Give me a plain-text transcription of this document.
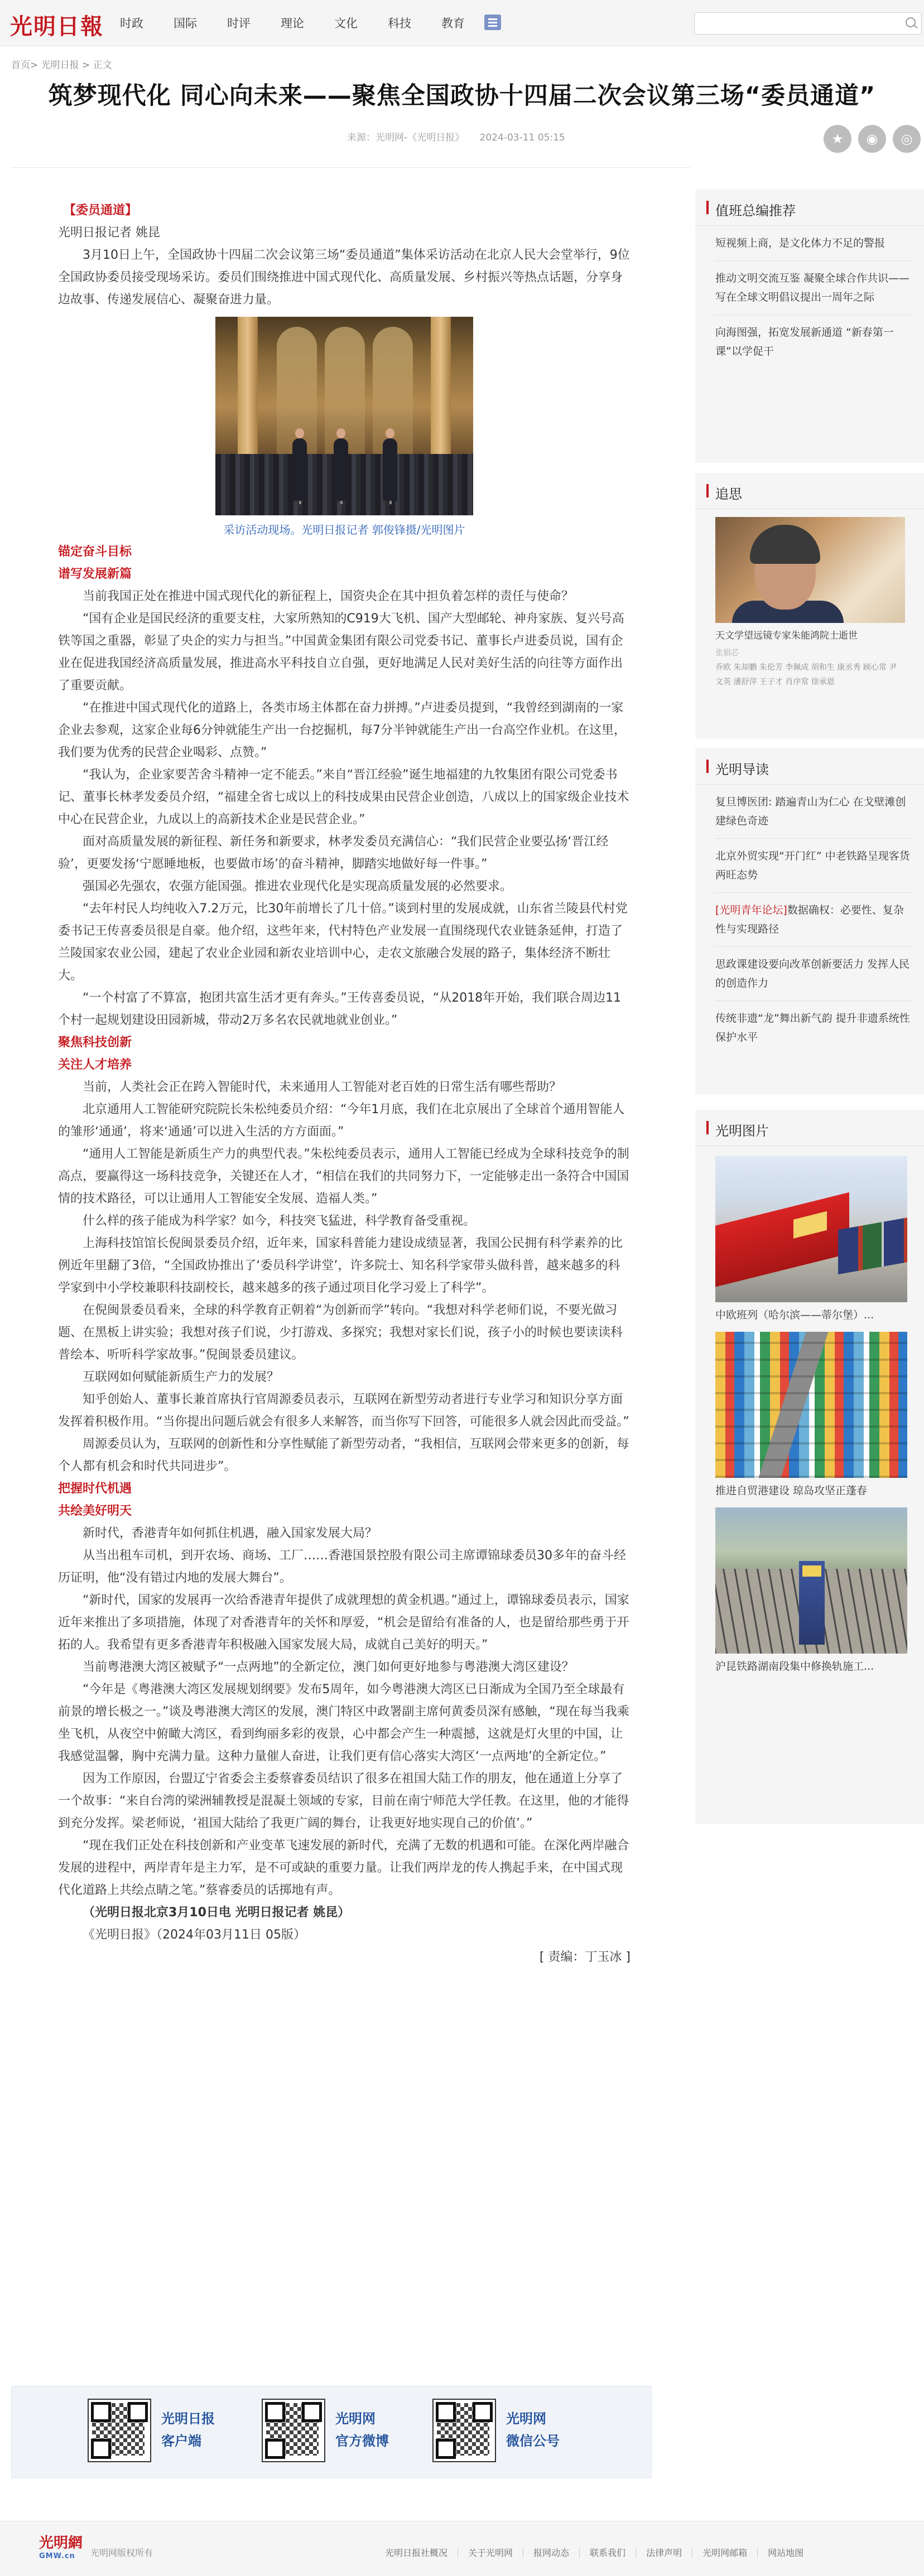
光明日報 时政	国际	时评	理论	文化	科技	教育
首页> 光明日报 > 正文
筑梦现代化 同心向未来——聚焦全国政协十四届二次会议第三场“委员通道”
来源：光明网-《光明日报》 2024-03-11 05:15	★	◉	◎

【委员通道】

光明日报记者 姚昆

3月10日上午，全国政协十四届二次会议第三场“委员通道”集体采访活动在北京人民大会堂举行，9位全国政协委员接受现场采访。委员们围绕推进中国式现代化、高质量发展、乡村振兴等热点话题，分享身边故事、传递发展信心、凝聚奋进力量。

采访活动现场。光明日报记者 郭俊锋摄/光明图片

锚定奋斗目标

谱写发展新篇

当前我国正处在推进中国式现代化的新征程上，国资央企在其中担负着怎样的责任与使命？

“国有企业是国民经济的重要支柱，大家所熟知的C919大飞机、国产大型邮轮、神舟家族、复兴号高铁等国之重器，彰显了央企的实力与担当。”中国黄金集团有限公司党委书记、董事长卢进委员说，国有企业在促进我国经济高质量发展，推进高水平科技自立自强，更好地满足人民对美好生活的向往等方面作出了重要贡献。

“在推进中国式现代化的道路上，各类市场主体都在奋力拼搏。”卢进委员提到，“我曾经到湖南的一家企业去参观，这家企业每6分钟就能生产出一台挖掘机，每7分半钟就能生产出一台高空作业机。在这里，我们要为优秀的民营企业喝彩、点赞。”

“我认为，企业家要苦舍斗精神一定不能丢。”来自“晋江经验”诞生地福建的九牧集团有限公司党委书记、董事长林孝发委员介绍，“福建全省七成以上的科技成果由民营企业创造，八成以上的国家级企业技术中心在民营企业，九成以上的高新技术企业是民营企业。”

面对高质量发展的新征程、新任务和新要求，林孝发委员充满信心：“我们民营企业要弘扬‘晋江经验’，更要发扬‘宁愿睡地板，也要做市场’的奋斗精神，脚踏实地做好每一件事。”

强国必先强农，农强方能国强。推进农业现代化是实现高质量发展的必然要求。

“去年村民人均纯收入7.2万元，比30年前增长了几十倍。”谈到村里的发展成就，山东省兰陵县代村党委书记王传喜委员很是自豪。他介绍，这些年来，代村特色产业发展一直围绕现代农业链条延伸，打造了兰陵国家农业公园，建起了农业企业园和新农业培训中心，走农文旅融合发展的路子，集体经济不断壮大。

“一个村富了不算富，抱团共富生活才更有奔头。”王传喜委员说，“从2018年开始，我们联合周边11个村一起规划建设田园新城，带动2万多名农民就地就业创业。”

聚焦科技创新

关注人才培养

当前，人类社会正在跨入智能时代，未来通用人工智能对老百姓的日常生活有哪些帮助？

北京通用人工智能研究院院长朱松纯委员介绍：“今年1月底，我们在北京展出了全球首个通用智能人的雏形‘通通’，将来‘通通’可以进入生活的方方面面。”

“通用人工智能是新质生产力的典型代表。”朱松纯委员表示，通用人工智能已经成为全球科技竞争的制高点，要赢得这一场科技竞争，关键还在人才，“相信在我们的共同努力下，一定能够走出一条符合中国国情的技术路径，可以让通用人工智能安全发展、造福人类。”

什么样的孩子能成为科学家？如今，科技突飞猛进，科学教育备受重视。

上海科技馆馆长倪闽景委员介绍，近年来，国家科普能力建设成绩显著，我国公民拥有科学素养的比例近年里翻了3倍，“全国政协推出了‘委员科学讲堂’，许多院士、知名科学家带头做科普，越来越多的科学家到中小学校兼职科技副校长，越来越多的孩子通过项目化学习爱上了科学”。

在倪闽景委员看来，全球的科学教育正朝着“为创新而学”转向。“我想对科学老师们说，不要光做习题、在黑板上讲实验；我想对孩子们说，少打游戏、多探究；我想对家长们说，孩子小的时候也要读读科普绘本、听听科学家故事。”倪闽景委员建议。

互联网如何赋能新质生产力的发展？

知乎创始人、董事长兼首席执行官周源委员表示，互联网在新型劳动者进行专业学习和知识分享方面发挥着积极作用。“当你提出问题后就会有很多人来解答，而当你写下回答，可能很多人就会因此而受益。”

周源委员认为，互联网的创新性和分享性赋能了新型劳动者，“我相信，互联网会带来更多的创新，每个人都有机会和时代共同进步”。

把握时代机遇

共绘美好明天

新时代，香港青年如何抓住机遇，融入国家发展大局？

从当出租车司机，到开农场、商场、工厂……香港国景控股有限公司主席谭锦球委员30多年的奋斗经历证明，他“没有错过内地的发展大舞台”。

“新时代，国家的发展再一次给香港青年提供了成就理想的黄金机遇。”通过上，谭锦球委员表示，国家近年来推出了多项措施，体现了对香港青年的关怀和厚爱，“机会是留给有准备的人，也是留给那些勇于开拓的人。我希望有更多香港青年积极融入国家发展大局，成就自己美好的明天。”

当前粤港澳大湾区被赋予“一点两地”的全新定位，澳门如何更好地参与粤港澳大湾区建设？

“今年是《粤港澳大湾区发展规划纲要》发布5周年，如今粤港澳大湾区已日渐成为全国乃至全球最有前景的增长极之一。”谈及粤港澳大湾区的发展，澳门特区中政署副主席何黄委员深有感触，“现在每当我乘坐飞机，从夜空中俯瞰大湾区，看到绚丽多彩的夜景，心中都会产生一种震撼，这就是灯火里的中国，让我感觉温馨，胸中充满力量。这种力量催人奋进，让我们更有信心落实大湾区‘一点两地’的全新定位。”

因为工作原因，台盟辽宁省委会主委蔡睿委员结识了很多在祖国大陆工作的朋友，他在通道上分享了一个故事：“来自台湾的梁洲辅教授是混凝土领域的专家，目前在南宁师范大学任教。在这里，他的才能得到充分发挥。梁老师说，‘祖国大陆给了我更广阔的舞台，让我更好地实现自己的价值’。”

“现在我们正处在科技创新和产业变革飞速发展的新时代，充满了无数的机遇和可能。在深化两岸融合发展的进程中，两岸青年是主力军，是不可或缺的重要力量。让我们两岸龙的传人携起手来，在中国式现代化道路上共绘点睛之笔。”蔡睿委员的话掷地有声。

（光明日报北京3月10日电 光明日报记者 姚昆）

《光明日报》（2024年03月11日 05版）

[ 责编：丁玉冰 ]

值班总编推荐
短视频上商，是文化体力不足的警报
推动文明交流互鉴 凝聚全球合作共识——写在全球文明倡议提出一周年之际
向海图强，拓宽发展新通道 “新春第一课”以学促干
追思
天文学望远镜专家朱能鸿院士逝世
张娟芯
乔欧 朱却鹏 朱伦芳 李佩成 胡和生 康丞秀 顾心常 尹文英 潘舒萍 王子才 肖序常 徐承恩
光明导读
复旦博医团: 踏遍青山为仁心 在戈壁滩创建绿色奇迹
北京外贸实现“开门红” 中老铁路呈现客货两旺态势
[光明青年论坛]数据确权：必要性、复杂性与实现路径
思政课建设要向改革创新要活力 发挥人民的创造作力
传统非遗“龙”舞出新气韵 提升非遗系统性保护水平
光明图片
中欧班列（哈尔滨——蒂尔堡）...
推进自贸港建设 琼岛攻坚正蓬春
沪昆铁路湖南段集中修换轨施工...
光明日报
客户端
光明网
官方微博
光明网
微信公号
光明網
GMW.cn	光明网版权所有	光明日报社概况 关于光明网 报网动态 联系我们 法律声明 光明网邮箱 网站地图
